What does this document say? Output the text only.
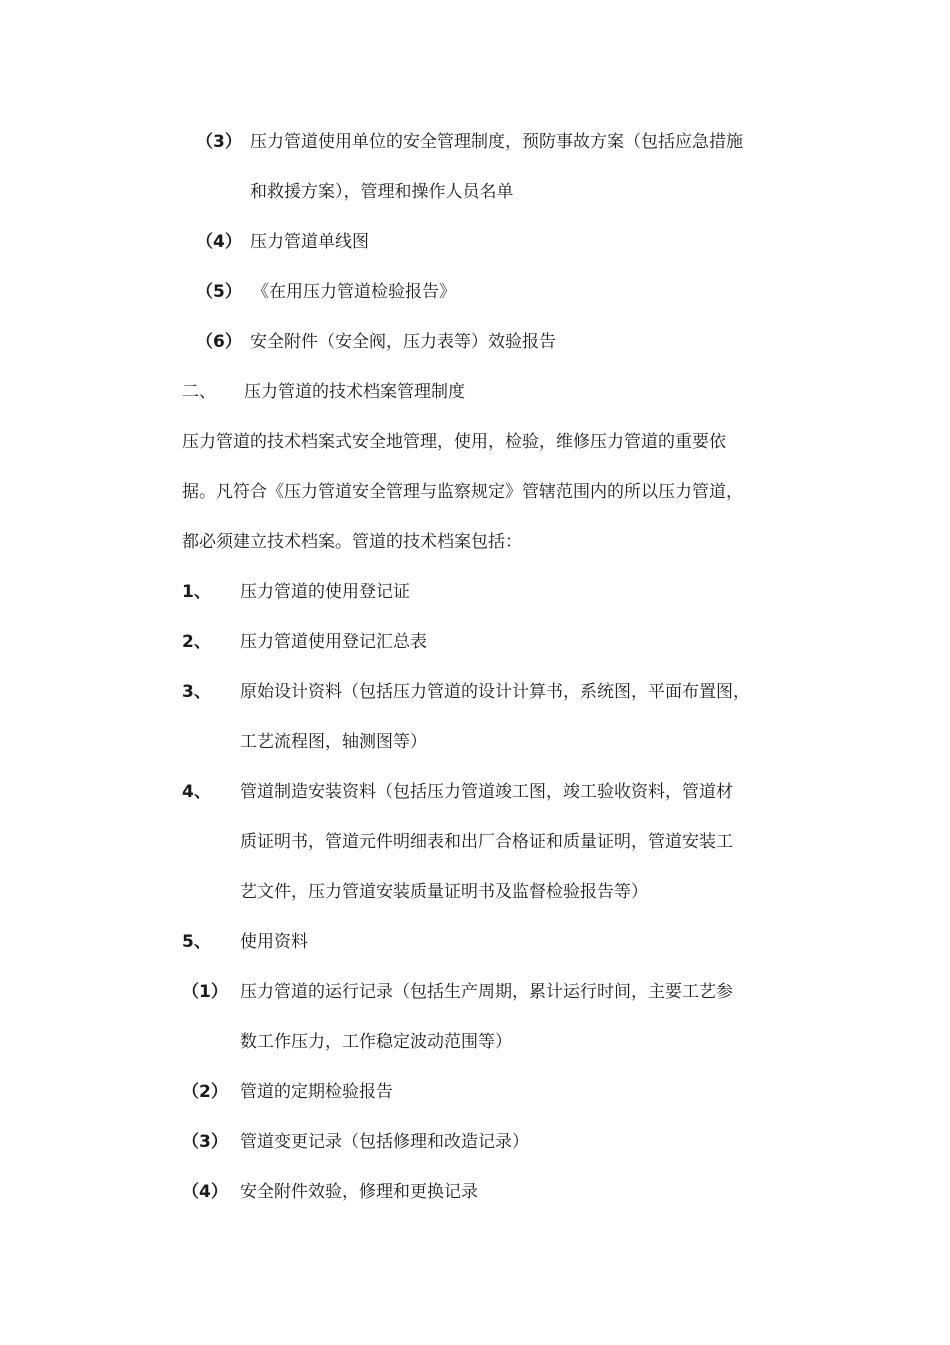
（3） 压力管道使用单位的安全管理制度，预防事故方案（包括应急措施
和救援方案），管理和操作人员名单
（4） 压力管道单线图
（5） 《在用压力管道检验报告》
（6） 安全附件（安全阀，压力表等）效验报告
二、 压力管道的技术档案管理制度
压力管道的技术档案式安全地管理，使用，检验，维修压力管道的重要依
据。凡符合《压力管道安全管理与监察规定》管辖范围内的所以压力管道，
都必须建立技术档案。管道的技术档案包括：
1、 压力管道的使用登记证
2、 压力管道使用登记汇总表
3、 原始设计资料（包括压力管道的设计计算书，系统图，平面布置图，
工艺流程图，轴测图等）
4、 管道制造安装资料（包括压力管道竣工图，竣工验收资料，管道材
质证明书，管道元件明细表和出厂合格证和质量证明，管道安装工
艺文件，压力管道安装质量证明书及监督检验报告等）
5、 使用资料
（1） 压力管道的运行记录（包括生产周期，累计运行时间，主要工艺参
数工作压力，工作稳定波动范围等）
（2） 管道的定期检验报告
（3） 管道变更记录（包括修理和改造记录）
（4） 安全附件效验，修理和更换记录
